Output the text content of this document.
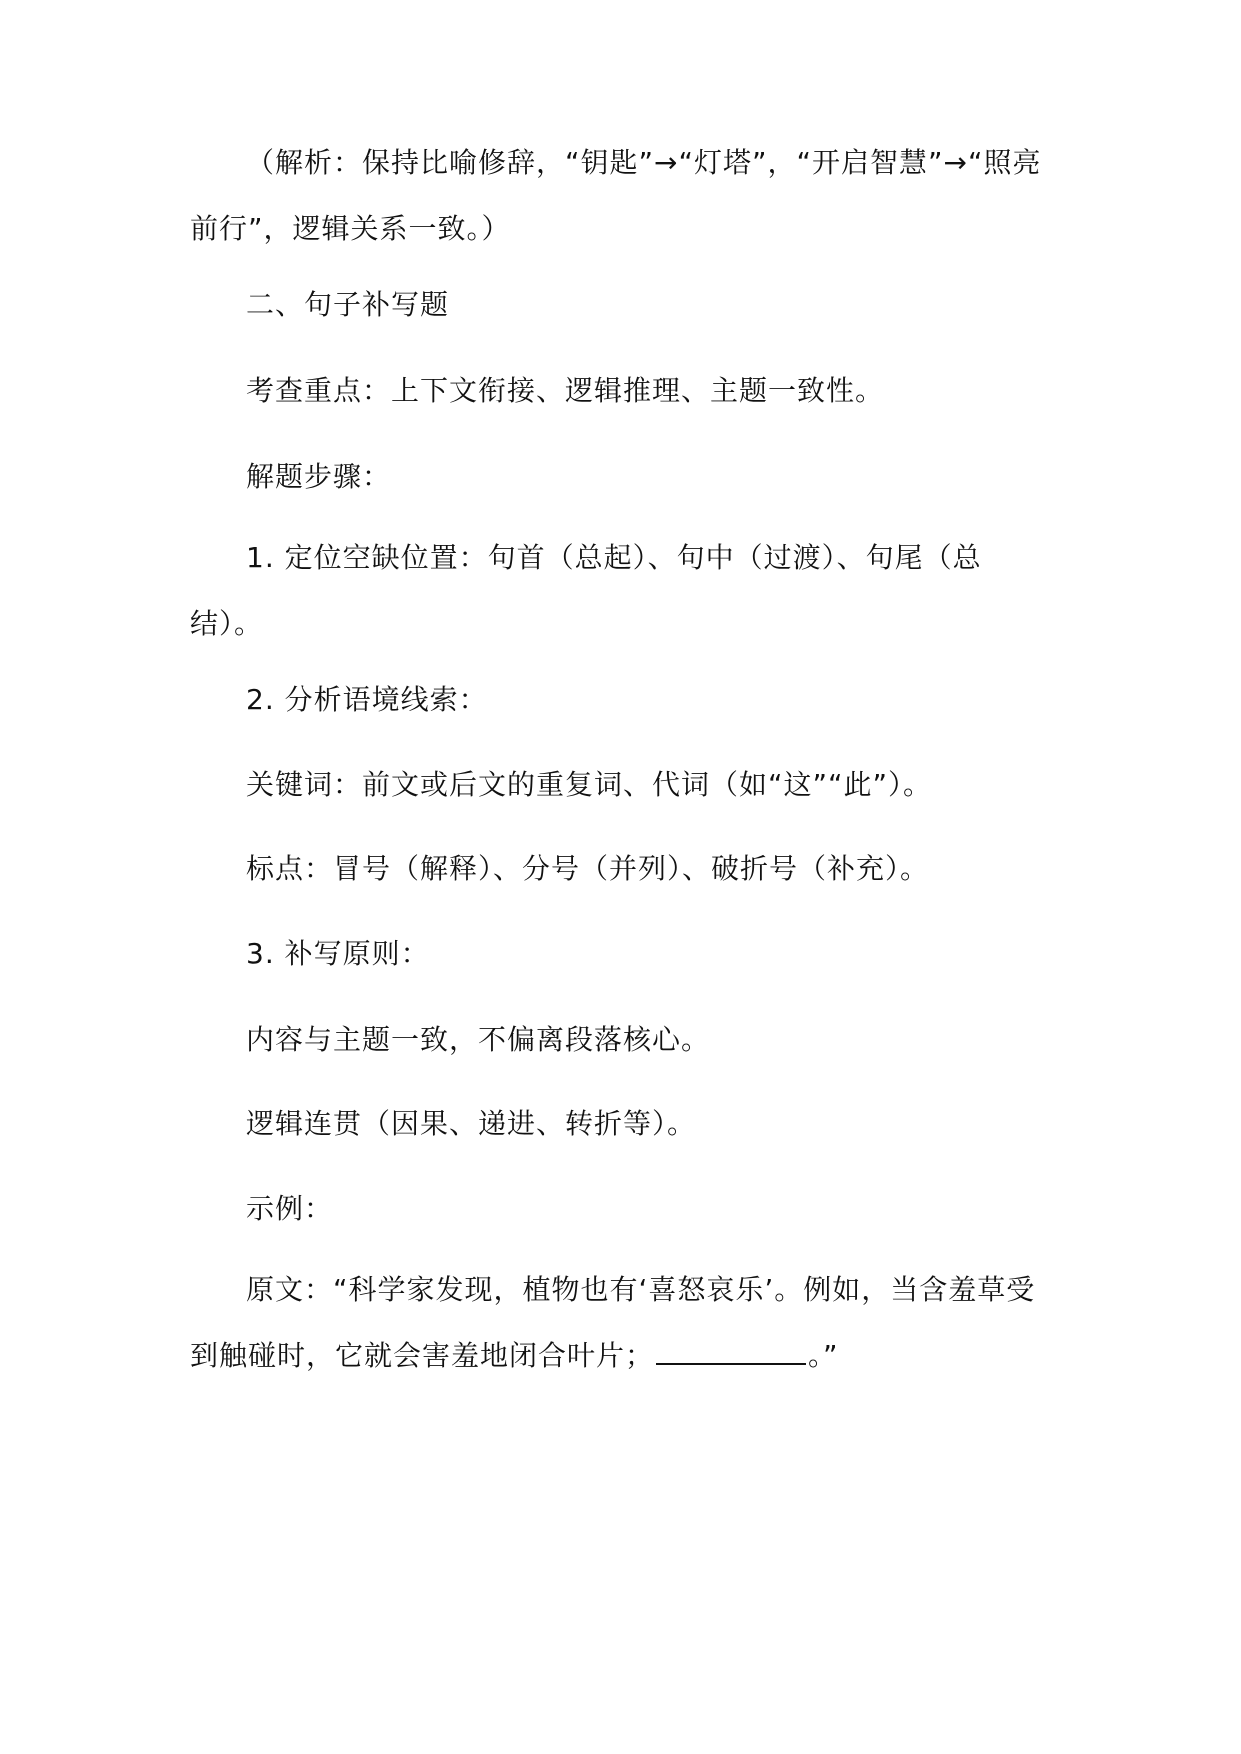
（解析：保持比喻修辞，“钥匙”→“灯塔”，“开启智慧”→“照亮前行”，逻辑关系一致。）
二、句子补写题
考查重点：上下文衔接、逻辑推理、主题一致性。
解题步骤：
1. 定位空缺位置：句首（总起）、句中（过渡）、句尾（总结）。
2. 分析语境线索：
关键词：前文或后文的重复词、代词（如“这”“此”）。
标点：冒号（解释）、分号（并列）、破折号（补充）。
3. 补写原则：
内容与主题一致，不偏离段落核心。
逻辑连贯（因果、递进、转折等）。
示例：
原文：“科学家发现，植物也有‘喜怒哀乐’。例如，当含羞草受到触碰时，它就会害羞地闭合叶片；	。”
